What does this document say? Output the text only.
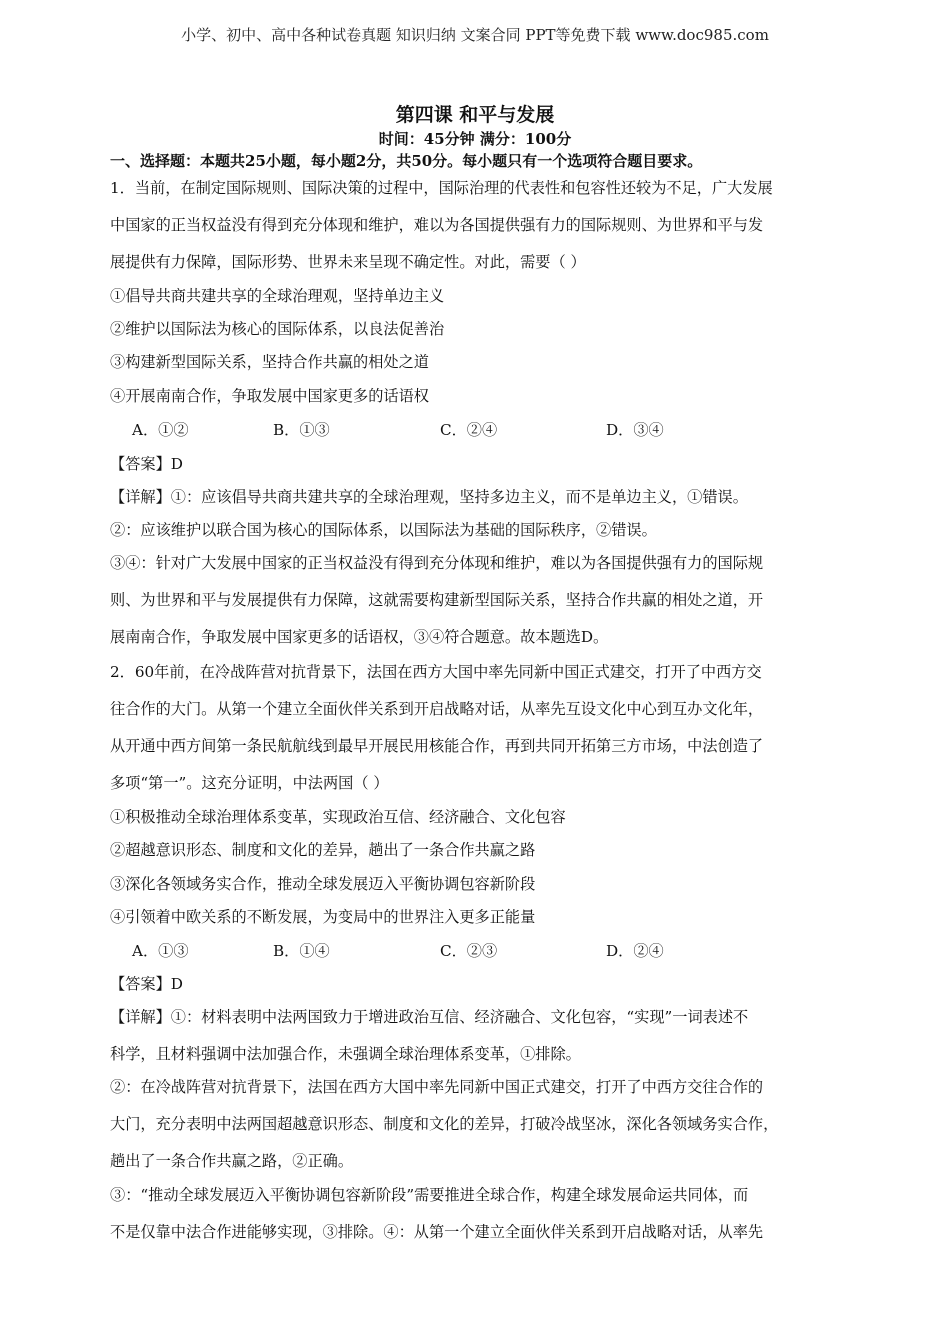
小学、初中、高中各种试卷真题 知识归纳 文案合同 PPT等免费下载 www.doc985.com
第四课 和平与发展
时间：45分钟 满分：100分
一、选择题：本题共25小题，每小题2分，共50分。每小题只有一个选项符合题目要求。
1．当前，在制定国际规则、国际决策的过程中，国际治理的代表性和包容性还较为不足，广大发展
中国家的正当权益没有得到充分体现和维护，难以为各国提供强有力的国际规则、为世界和平与发
展提供有力保障，国际形势、世界未来呈现不确定性。对此，需要（ ）
①倡导共商共建共享的全球治理观，坚持单边主义
②维护以国际法为核心的国际体系，以良法促善治
③构建新型国际关系，坚持合作共赢的相处之道
④开展南南合作，争取发展中国家更多的话语权
A．①②	B．①③	C．②④	D．③④
【答案】D
【详解】①：应该倡导共商共建共享的全球治理观，坚持多边主义，而不是单边主义，①错误。
②：应该维护以联合国为核心的国际体系，以国际法为基础的国际秩序，②错误。
③④：针对广大发展中国家的正当权益没有得到充分体现和维护，难以为各国提供强有力的国际规
则、为世界和平与发展提供有力保障，这就需要构建新型国际关系，坚持合作共赢的相处之道，开
展南南合作，争取发展中国家更多的话语权，③④符合题意。故本题选D。
2．60年前，在冷战阵营对抗背景下，法国在西方大国中率先同新中国正式建交，打开了中西方交
往合作的大门。从第一个建立全面伙伴关系到开启战略对话，从率先互设文化中心到互办文化年，
从开通中西方间第一条民航航线到最早开展民用核能合作，再到共同开拓第三方市场，中法创造了
多项“第一”。这充分证明，中法两国（ ）
①积极推动全球治理体系变革，实现政治互信、经济融合、文化包容
②超越意识形态、制度和文化的差异，趟出了一条合作共赢之路
③深化各领域务实合作，推动全球发展迈入平衡协调包容新阶段
④引领着中欧关系的不断发展，为变局中的世界注入更多正能量
A．①③	B．①④	C．②③	D．②④
【答案】D
【详解】①：材料表明中法两国致力于增进政治互信、经济融合、文化包容，“实现”一词表述不
科学，且材料强调中法加强合作，未强调全球治理体系变革，①排除。
②：在冷战阵营对抗背景下，法国在西方大国中率先同新中国正式建交，打开了中西方交往合作的
大门，充分表明中法两国超越意识形态、制度和文化的差异，打破冷战坚冰，深化各领域务实合作，
趟出了一条合作共赢之路，②正确。
③：“推动全球发展迈入平衡协调包容新阶段”需要推进全球合作，构建全球发展命运共同体，而
不是仅靠中法合作进能够实现，③排除。④：从第一个建立全面伙伴关系到开启战略对话，从率先
